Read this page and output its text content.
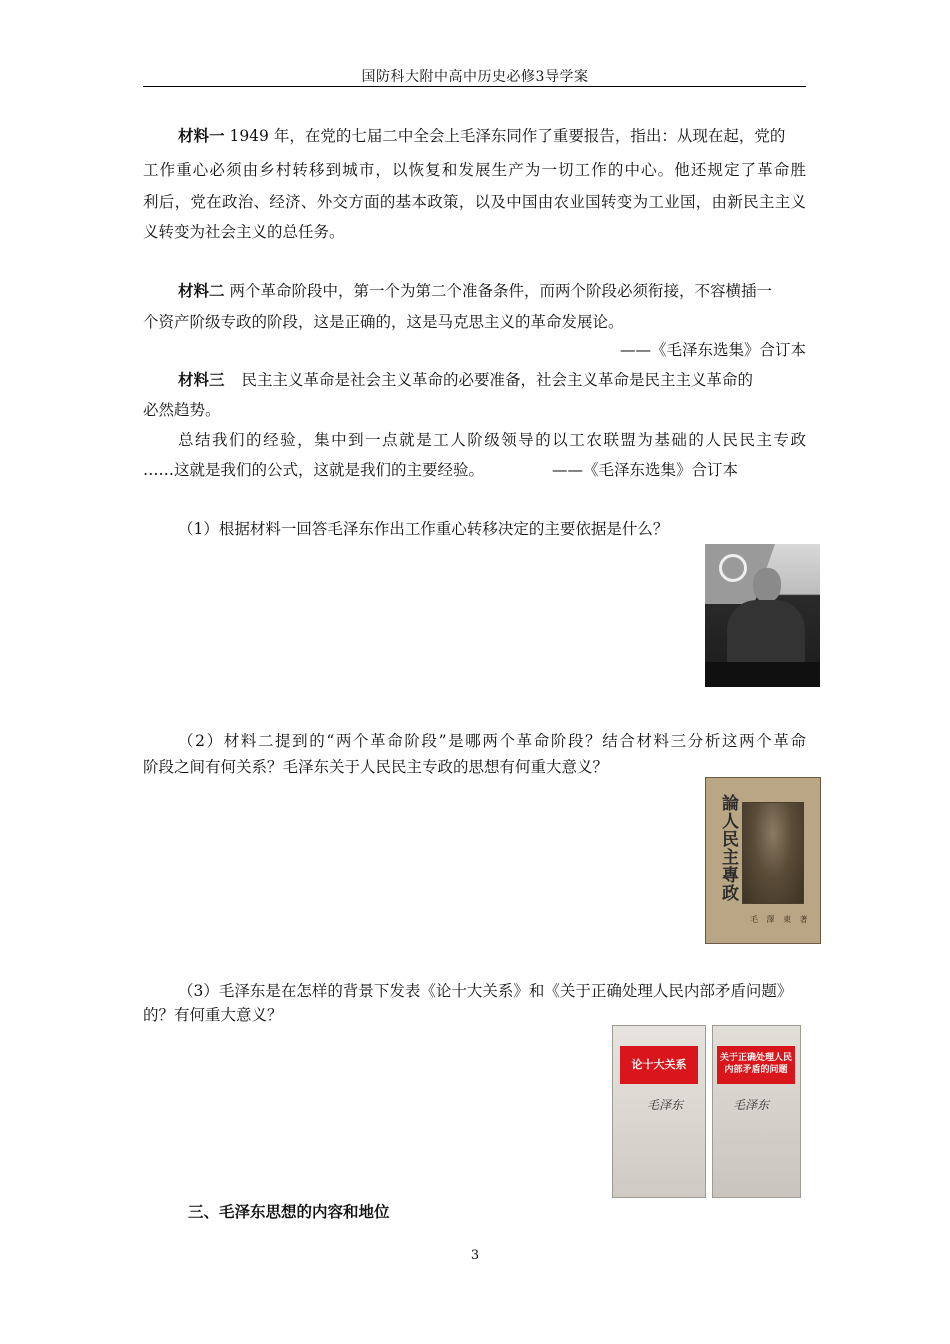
国防科大附中高中历史必修3导学案
材料一 1949 年，在党的七届二中全会上毛泽东同作了重要报告，指出：从现在起，党的
工作重心必须由乡村转移到城市，以恢复和发展生产为一切工作的中心。他还规定了革命胜
利后，党在政治、经济、外交方面的基本政策，以及中国由农业国转变为工业国，由新民主主义
义转变为社会主义的总任务。
材料二 两个革命阶段中，第一个为第二个准备条件，而两个阶段必须衔接，不容横插一
个资产阶级专政的阶段，这是正确的，这是马克思主义的革命发展论。
——《毛泽东选集》合订本
材料三 民主主义革命是社会主义革命的必要准备，社会主义革命是民主主义革命的
必然趋势。
总结我们的经验，集中到一点就是工人阶级领导的以工农联盟为基础的人民民主专政
……这就是我们的公式，这就是我们的主要经验。	——《毛泽东选集》合订本
（1）根据材料一回答毛泽东作出工作重心转移决定的主要依据是什么？
（2）材料二提到的“两个革命阶段”是哪两个革命阶段？结合材料三分析这两个革命
阶段之间有何关系？毛泽东关于人民民主专政的思想有何重大意义？
論人民主專政
毛 澤 東 著
（3）毛泽东是在怎样的背景下发表《论十大关系》和《关于正确处理人民内部矛盾问题》
的？有何重大意义？
论十大关系
毛泽东
关于正确处理人民内部矛盾的问题
毛泽东
三、毛泽东思想的内容和地位
3
